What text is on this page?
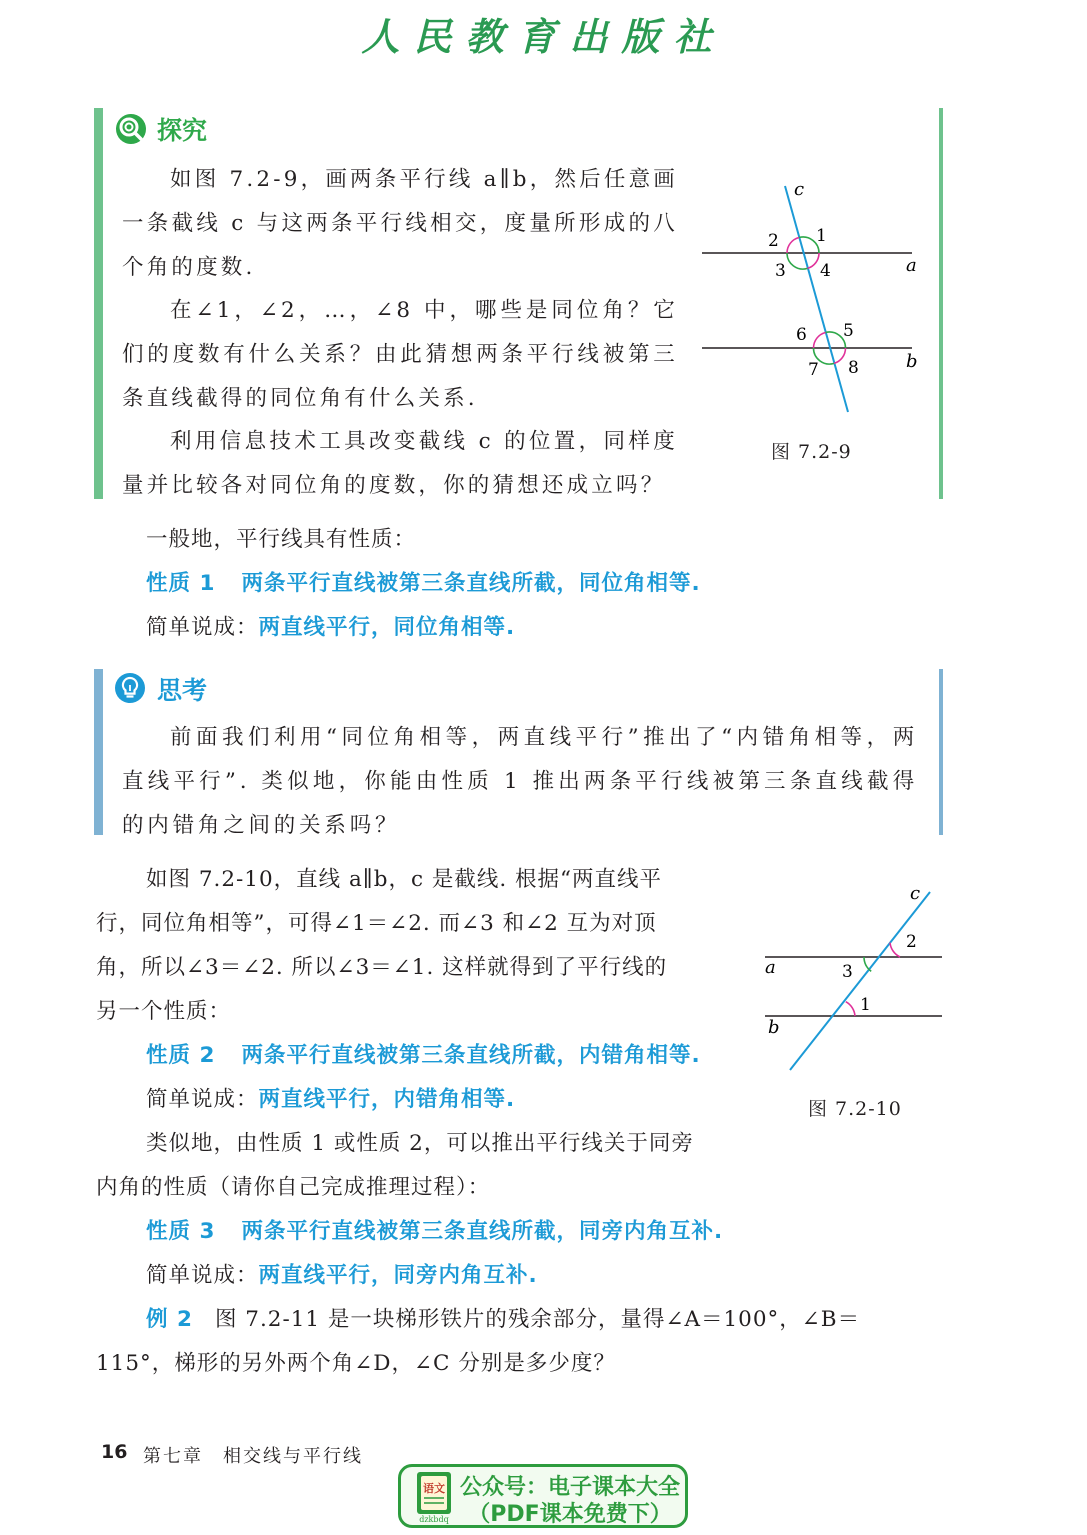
人民教育出版社
探究
如图 7.2-9，画两条平行线 a∥b，然后任意画一条截线 c 与这两条平行线相交，度量所形成的八个角的度数.
在∠1，∠2，…，∠8 中，哪些是同位角？它们的度数有什么关系？由此猜想两条平行线被第三条直线截得的同位角有什么关系.
利用信息技术工具改变截线 c 的位置，同样度量并比较各对同位角的度数，你的猜想还成立吗？
c
a
b
1
2
3 4
5
6
7 8
图 7.2-9
一般地，平行线具有性质：
性质 1 两条平行直线被第三条直线所截，同位角相等.
简单说成：两直线平行，同位角相等.
思考
前面我们利用“同位角相等，两直线平行”推出了“内错角相等，两直线平行”. 类似地，你能由性质 1 推出两条平行线被第三条直线截得的内错角之间的关系吗？
如图 7.2-10，直线 a∥b，c 是截线. 根据“两直线平
行，同位角相等”，可得∠1＝∠2. 而∠3 和∠2 互为对顶
角，所以∠3＝∠2. 所以∠3＝∠1. 这样就得到了平行线的
另一个性质：
性质 2 两条平行直线被第三条直线所截，内错角相等.
简单说成：两直线平行，内错角相等.
c
a
b
2
3
1
图 7.2-10
类似地，由性质 1 或性质 2，可以推出平行线关于同旁
内角的性质（请你自己完成推理过程）：
性质 3 两条平行直线被第三条直线所截，同旁内角互补.
简单说成：两直线平行，同旁内角互补.
例 2 图 7.2-11 是一块梯形铁片的残余部分，量得∠A＝100°，∠B＝
115°，梯形的另外两个角∠D，∠C 分别是多少度？
16 第七章　相交线与平行线
语文
dzkbdq
公众号：电子课本大全
（PDF课本免费下）
